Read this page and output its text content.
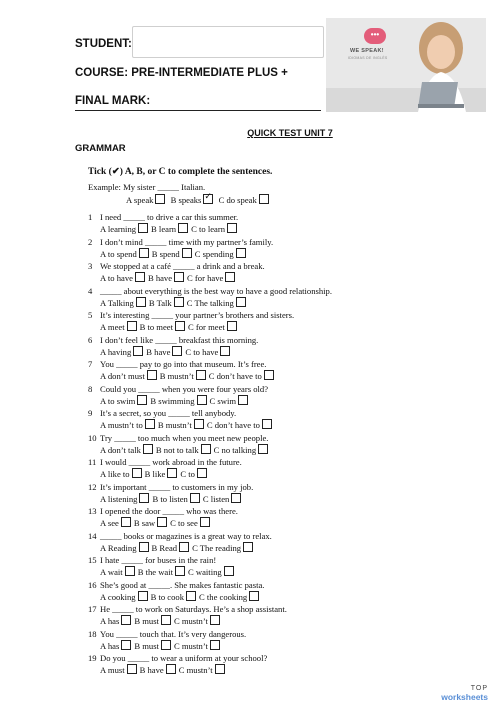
STUDENT:
COURSE: PRE-INTERMEDIATE PLUS +
FINAL MARK:
•••
WE SPEAK!
IDIOMAS DE INGLÉS
QUICK TEST UNIT 7
GRAMMAR
Tick (✔) A, B, or C to complete the sentences.
Example: My sister _____ Italian.
A speak B speaks✓ C do speak
1 I need _____ to drive a car this summer.
A learning B learn C to learn
2 I don’t mind _____ time with my partner’s family.
A to spend B spend C spending
3 We stopped at a café _____ a drink and a break.
A to have B have C for have
4 _____ about everything is the best way to have a good relationship.
A Talking B Talk C The talking
5 It’s interesting _____ your partner’s brothers and sisters.
A meet B to meet C for meet
6 I don’t feel like _____ breakfast this morning.
A having B have C to have
7 You _____ pay to go into that museum. It’s free.
A don’t must B mustn’t C don’t have to
8 Could you _____ when you were four years old?
A to swim B swimming C swim
9 It’s a secret, so you _____ tell anybody.
A mustn’t to B mustn’t C don’t have to
10 Try _____ too much when you meet new people.
A don’t talk B not to talk C no talking
11 I would _____ work abroad in the future.
A like to B like C to
12 It’s important _____ to customers in my job.
A listening B to listen C listen
13 I opened the door _____ who was there.
A see B saw C to see
14 _____ books or magazines is a great way to relax.
A Reading B Read C The reading
15 I hate _____ for buses in the rain!
A wait B the wait C waiting
16 She’s good at _____. She makes fantastic pasta.
A cooking B to cook C the cooking
17 He _____ to work on Saturdays. He’s a shop assistant.
A has B must C mustn’t
18 You _____ touch that. It’s very dangerous.
A has B must C mustn’t
19 Do you _____ to wear a uniform at your school?
A must B have C mustn’t
TOP
worksheets
